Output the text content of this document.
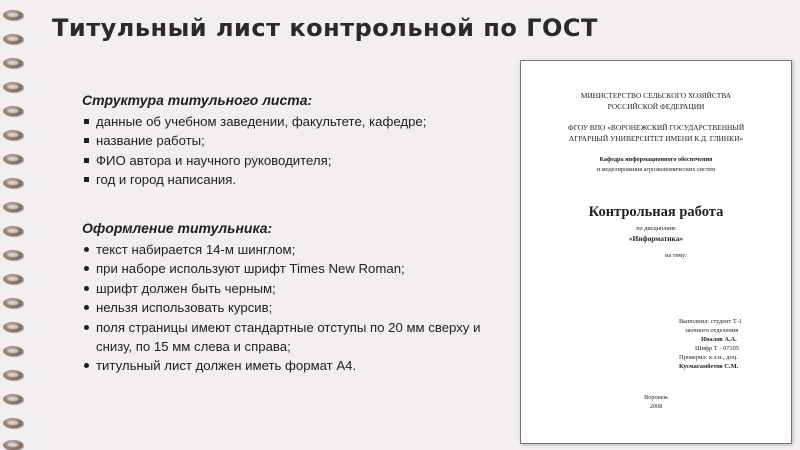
Титульный лист контрольной по ГОСТ
Структура титульного листа:
данные об учебном заведении, факультете, кафедре;
название работы;
ФИО автора и научного руководителя;
год и город написания.
Оформление титульника:
текст набирается 14-м шинглом;
при наборе используют шрифт Times New Roman;
шрифт должен быть черным;
нельзя использовать курсив;
поля страницы имеют стандартные отступы по 20 мм сверху и снизу, по 15 мм слева и справа;
титульный лист должен иметь формат А4.
МИНИСТЕРСТВО СЕЛЬСКОГО ХОЗЯЙСТВА
РОССИЙСКОЙ ФЕДЕРАЦИИ
ФГОУ ВПО «ВОРОНЕЖСКИЙ ГОСУДАРСТВЕННЫЙ
АГРАРНЫЙ УНИВЕРСИТЕТ ИМЕНИ К.Д. ГЛИНКИ»
Кафедра информационного обеспечения
и моделирования агроэкономических систем
Контрольная работа
по дисциплине
«Информатика»
на тему:
Выполнил: студент Т-1
заочного отделения
Ивалов А.А.
Шифр Т - 07105
Проверил: к.э.н., доц.
Кусмагамбетов С.М.
Воронеж
2008
